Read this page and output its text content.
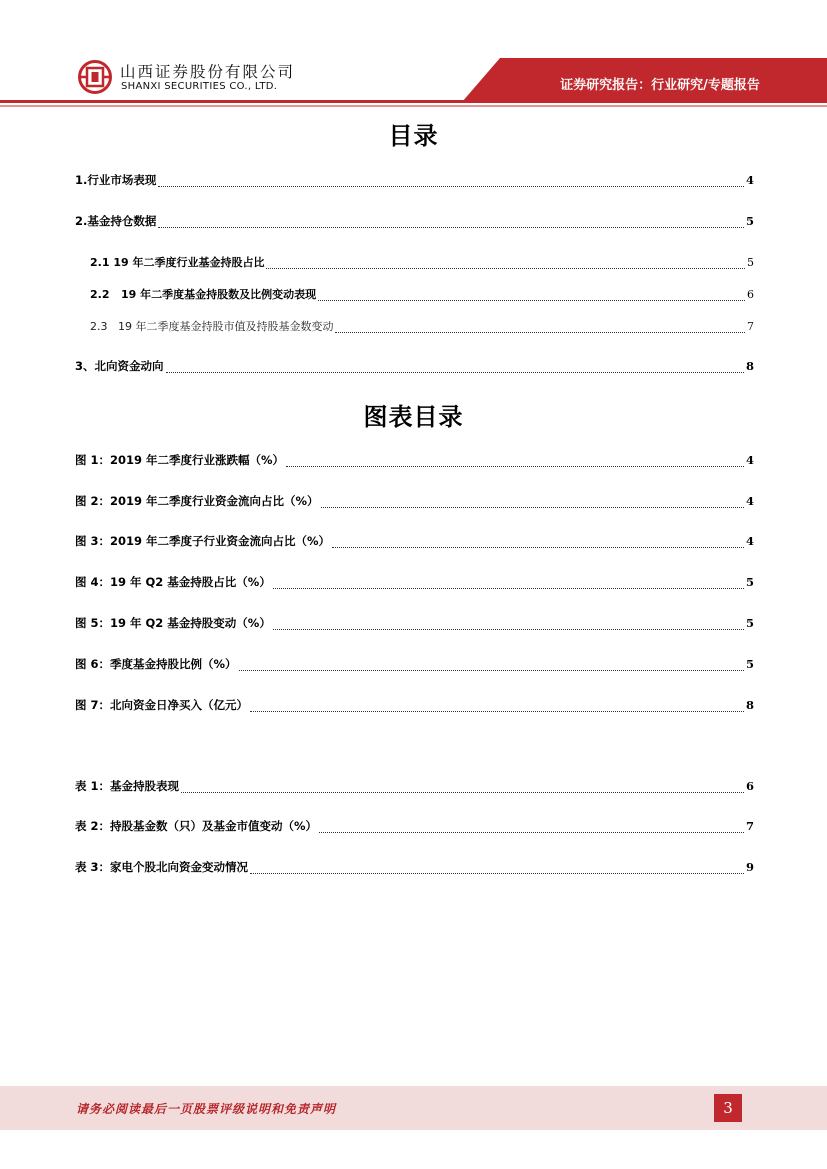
山西证券股份有限公司
SHANXI SECURITIES CO., LTD.	证券研究报告：行业研究/专题报告
目录
1.行业市场表现	4
2.基金持仓数据	5
2.1 19 年二季度行业基金持股占比	5
2.2   19 年二季度基金持股数及比例变动表现	6
2.3   19 年二季度基金持股市值及持股基金数变动	7
3、北向资金动向	8
图表目录
图 1：2019 年二季度行业涨跌幅（%）	4
图 2：2019 年二季度行业资金流向占比（%）	4
图 3：2019 年二季度子行业资金流向占比（%）	4
图 4：19 年 Q2 基金持股占比（%）	5
图 5：19 年 Q2 基金持股变动（%）	5
图 6：季度基金持股比例（%）	5
图 7：北向资金日净买入（亿元）	8
表 1：基金持股表现	6
表 2：持股基金数（只）及基金市值变动（%）	7
表 3：家电个股北向资金变动情况	9
请务必阅读最后一页股票评级说明和免责声明	3
